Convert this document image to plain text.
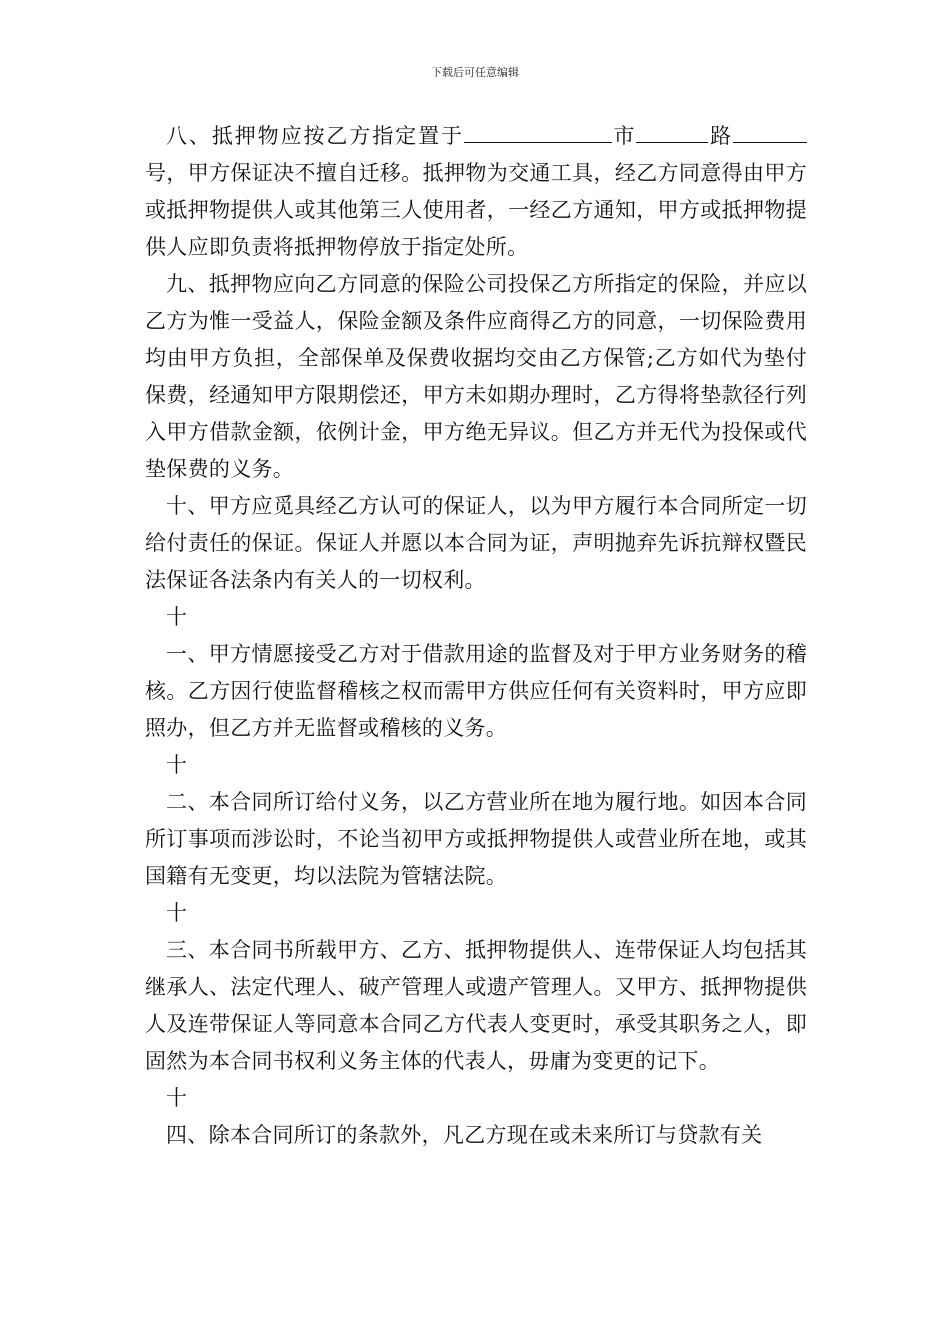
下载后可任意编辑

八、抵押物应按乙方指定置于	市	路号，甲方保证决不擅自迁移。抵押物为交通工具，经乙方同意得由甲方或抵押物提供人或其他第三人使用者，一经乙方通知，甲方或抵押物提供人应即负责将抵押物停放于指定处所。

九、抵押物应向乙方同意的保险公司投保乙方所指定的保险，并应以乙方为惟一受益人，保险金额及条件应商得乙方的同意，一切保险费用均由甲方负担，全部保单及保费收据均交由乙方保管;乙方如代为垫付保费，经通知甲方限期偿还，甲方未如期办理时，乙方得将垫款径行列入甲方借款金额，依例计金，甲方绝无异议。但乙方并无代为投保或代垫保费的义务。

十、甲方应觅具经乙方认可的保证人，以为甲方履行本合同所定一切给付责任的保证。保证人并愿以本合同为证，声明抛弃先诉抗辩权暨民法保证各法条内有关人的一切权利。

十

一、甲方情愿接受乙方对于借款用途的监督及对于甲方业务财务的稽核。乙方因行使监督稽核之权而需甲方供应任何有关资料时，甲方应即照办，但乙方并无监督或稽核的义务。

十

二、本合同所订给付义务，以乙方营业所在地为履行地。如因本合同所订事项而涉讼时，不论当初甲方或抵押物提供人或营业所在地，或其国籍有无变更，均以法院为管辖法院。

十

三、本合同书所载甲方、乙方、抵押物提供人、连带保证人均包括其继承人、法定代理人、破产管理人或遗产管理人。又甲方、抵押物提供人及连带保证人等同意本合同乙方代表人变更时，承受其职务之人，即固然为本合同书权利义务主体的代表人，毋庸为变更的记下。

十

四、除本合同所订的条款外，凡乙方现在或未来所订与贷款有关
